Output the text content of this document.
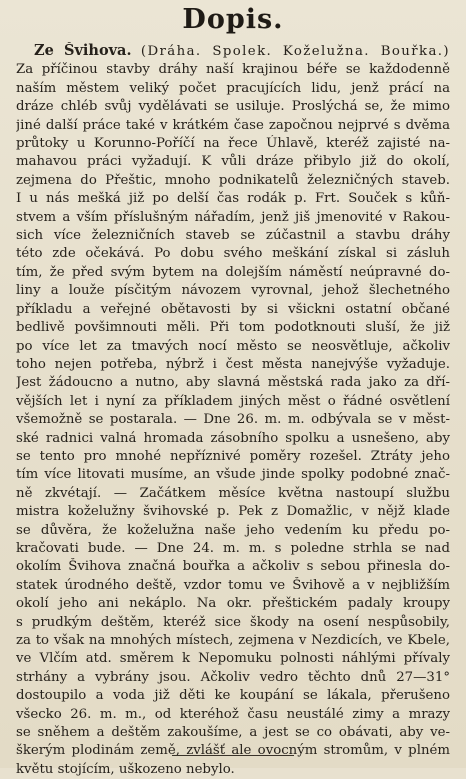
Dopis.
Ze Švihova. (Dráha. Spolek. Koželužna. Bouřka.)
Za příčinou stavby dráhy naší krajinou béře se každodenně
naším městem veliký počet pracujících lidu, jenž prácí na
dráze chléb svůj vydělávati se usiluje. Proslýchá se, že mimo
jiné další práce také v krátkém čase započnou nejprvé s dvěma
průtoky u Korunno-Poříčí na řece Úhlavě, kteréž zajisté na-
mahavou práci vyžadují. K vůli dráze přibylo již do okolí,
zejmena do Přeštic, mnoho podnikatelů železničných staveb.
I u nás mešká již po delší čas rodák p. Frt. Souček s kůň-
stvem a vším příslušným nářadím, jenž jiš jmenovité v Rakou-
sich více železničních staveb se zúčastnil a stavbu dráhy
této zde očekává. Po dobu svého meškání získal si zásluh
tím, že před svým bytem na dolejším náměstí neúpravné do-
liny a louže písčitým návozem vyrovnal, jehož šlechetného
příkladu a veřejné obětavosti by si všickni ostatní občané
bedlivě povšimnouti měli. Při tom podotknouti sluší, že již
po více let za tmavých nocí město se neosvětluje, ačkoliv
toho nejen potřeba, nýbrž i čest města nanejvýše vyžaduje.
Jest žádoucno a nutno, aby slavná městská rada jako za dří-
vějších let i nyní za příkladem jiných měst o řádné osvětlení
všemožně se postarala. — Dne 26. m. m. odbývala se v měst-
ské radnici valná hromada zásobního spolku a usnešeno, aby
se tento pro mnohé nepříznivé poměry rozešel. Ztráty jeho
tím více litovati musíme, an všude jinde spolky podobné znač-
ně zkvétají. — Začátkem měsíce května nastoupí službu
mistra koželužny švihovské p. Pek z Domažlic, v nějž klade
se důvěra, že koželužna naše jeho vedením ku předu po-
kračovati bude. — Dne 24. m. m. s poledne strhla se nad
okolím Švihova značná bouřka a ačkoliv s sebou přinesla do-
statek úrodného deště, vzdor tomu ve Švihově a v nejbližším
okolí jeho ani nekáplo. Na okr. přeštickém padaly kroupy
s prudkým deštěm, kteréž sice škody na osení nespůsobily,
za to však na mnohých místech, zejmena v Nezdicích, ve Kbele,
ve Vlčím atd. směrem k Nepomuku polnosti náhlými přívaly
strhány a vybrány jsou. Ačkoliv vedro těchto dnů 27—31°
dostoupilo a voda již děti ke koupání se lákala, přerušeno
všecko 26. m. m., od kteréhož času neustálé zimy a mrazy
se sněhem a deštěm zakoušíme, a jest se co obávati, aby ve-
škerým plodinám země, zvlášť ale ovocným stromům, v plném
květu stojícím, uškozeno nebylo.
